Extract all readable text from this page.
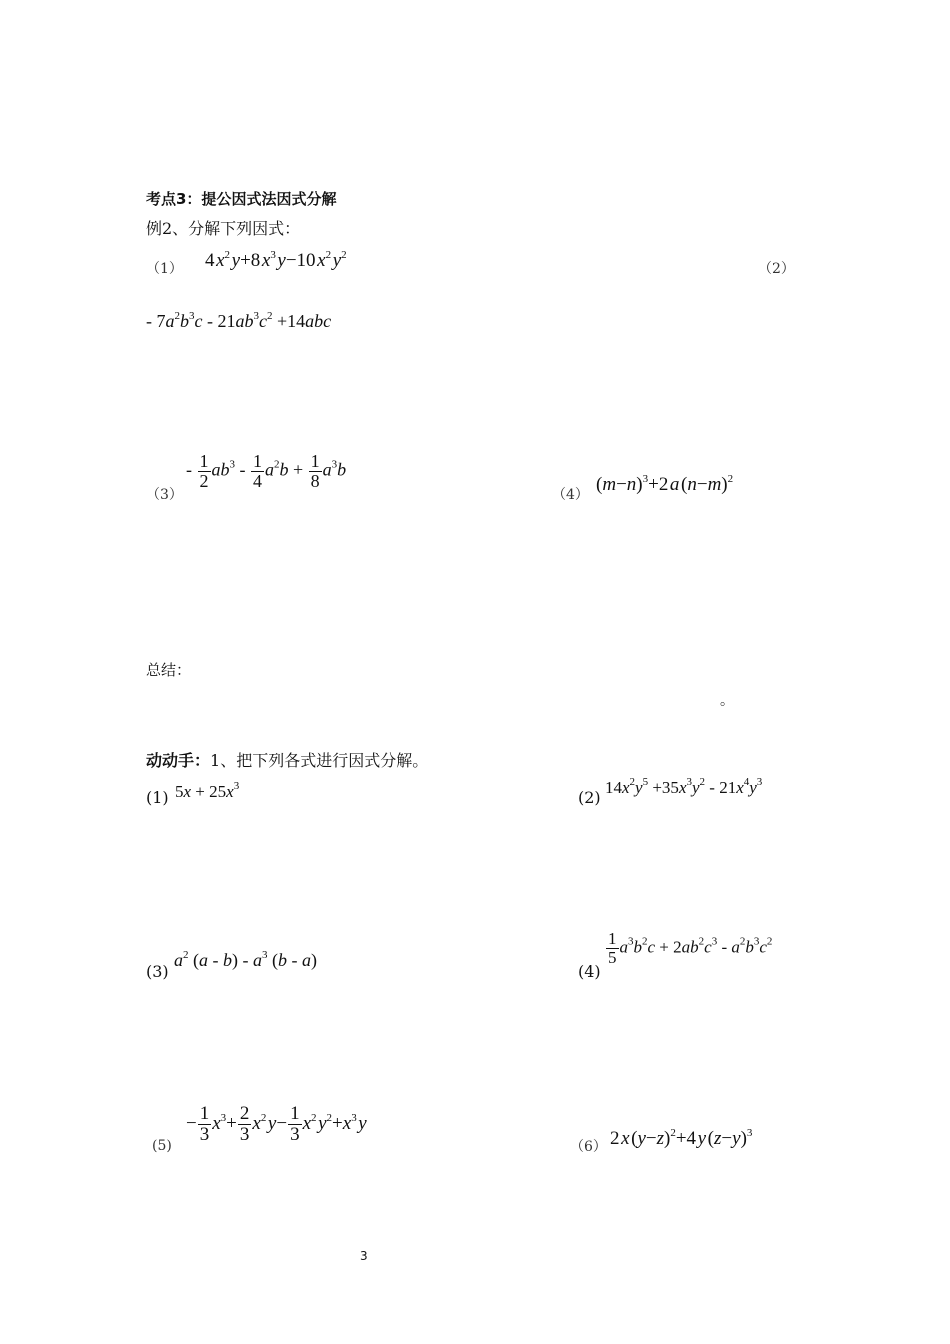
考点3：提公因式法因式分解
例2、分解下列因式：
（1） 4 $x^2$ y+8 $x^3$ y−10 $x^2$ $y^2$
（2）
- $7a^2b^3c - 21ab^3c^2 +14abc$
（3）
- $\frac{1}{2} ab^3 - \frac{1}{4} a^2b + \frac{1}{8} a^3b$
（4） $(m-n)^3+2$ a $(n-m)^2$
总结：
。
动动手：1、把下列各式进行因式分解。
(1) $5x + 25x^3$
(2)
$14x^2y^5 +35x^3y^2 - 21x^4y^3$
(3)
$a^2$ $(a - b) - a^3$ (b - a)
(4)
$\frac{1}{5} a^3b^2c + 2ab^2c^3 - a^2b^3c^2$
(5)
− $\frac{1}{3} x^3+ \frac{2}{3} x^2$ $y- \frac{1}{3} x^2$ $y^2+x^3$ y
（6） 2 x $(y-z)^2+4$ y $(z-y)^3$
3
